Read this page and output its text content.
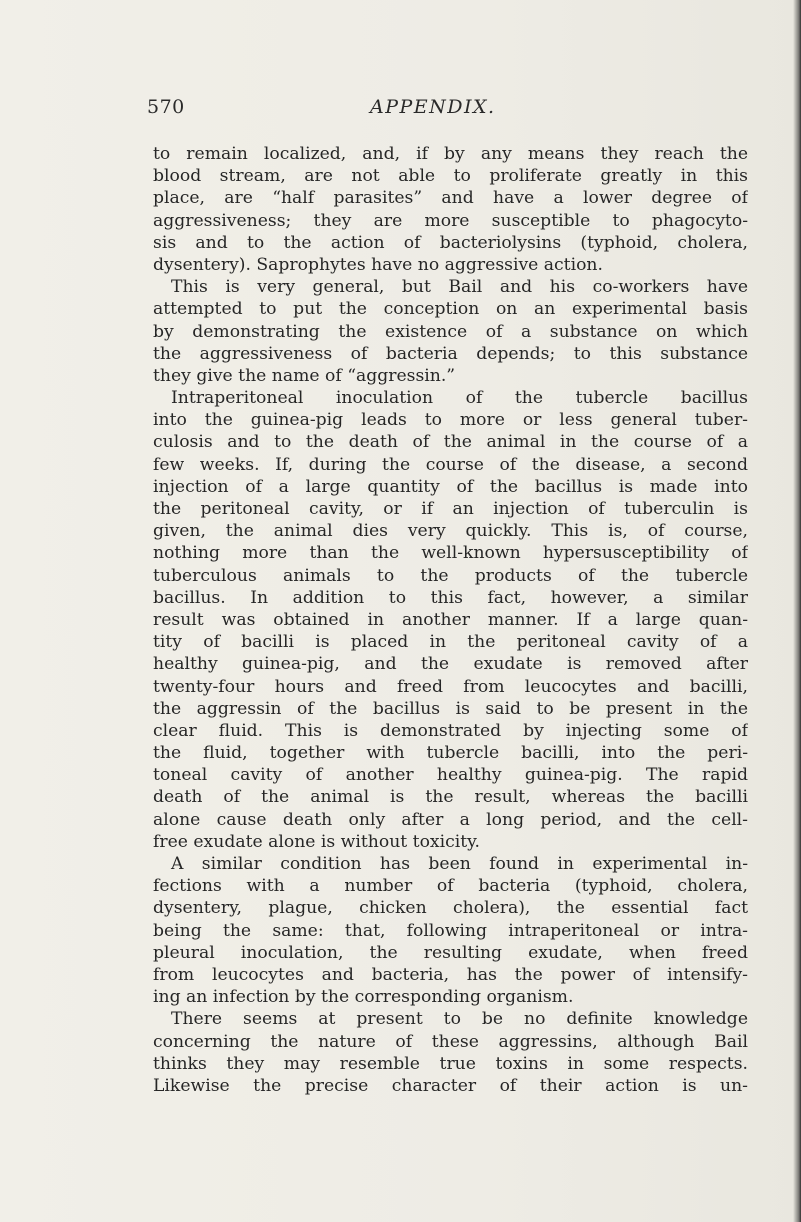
570	APPENDIX.
to remain localized, and, if by any means they reach the
blood stream, are not able to proliferate greatly in this
place, are “half parasites” and have a lower degree of
aggressiveness; they are more susceptible to phagocyto-
sis and to the action of bacteriolysins (typhoid, cholera,
dysentery). Saprophytes have no aggressive action.
This is very general, but Bail and his co-workers have
attempted to put the conception on an experimental basis
by demonstrating the existence of a substance on which
the aggressiveness of bacteria depends; to this substance
they give the name of “aggressin.”
Intraperitoneal inoculation of the tubercle bacillus
into the guinea-pig leads to more or less general tuber-
culosis and to the death of the animal in the course of a
few weeks. If, during the course of the disease, a second
injection of a large quantity of the bacillus is made into
the peritoneal cavity, or if an injection of tuberculin is
given, the animal dies very quickly. This is, of course,
nothing more than the well-known hypersusceptibility of
tuberculous animals to the products of the tubercle
bacillus. In addition to this fact, however, a similar
result was obtained in another manner. If a large quan-
tity of bacilli is placed in the peritoneal cavity of a
healthy guinea-pig, and the exudate is removed after
twenty-four hours and freed from leucocytes and bacilli,
the aggressin of the bacillus is said to be present in the
clear fluid. This is demonstrated by injecting some of
the fluid, together with tubercle bacilli, into the peri-
toneal cavity of another healthy guinea-pig. The rapid
death of the animal is the result, whereas the bacilli
alone cause death only after a long period, and the cell-
free exudate alone is without toxicity.
A similar condition has been found in experimental in-
fections with a number of bacteria (typhoid, cholera,
dysentery, plague, chicken cholera), the essential fact
being the same: that, following intraperitoneal or intra-
pleural inoculation, the resulting exudate, when freed
from leucocytes and bacteria, has the power of intensify-
ing an infection by the corresponding organism.
There seems at present to be no definite knowledge
concerning the nature of these aggressins, although Bail
thinks they may resemble true toxins in some respects.
Likewise the precise character of their action is un-
